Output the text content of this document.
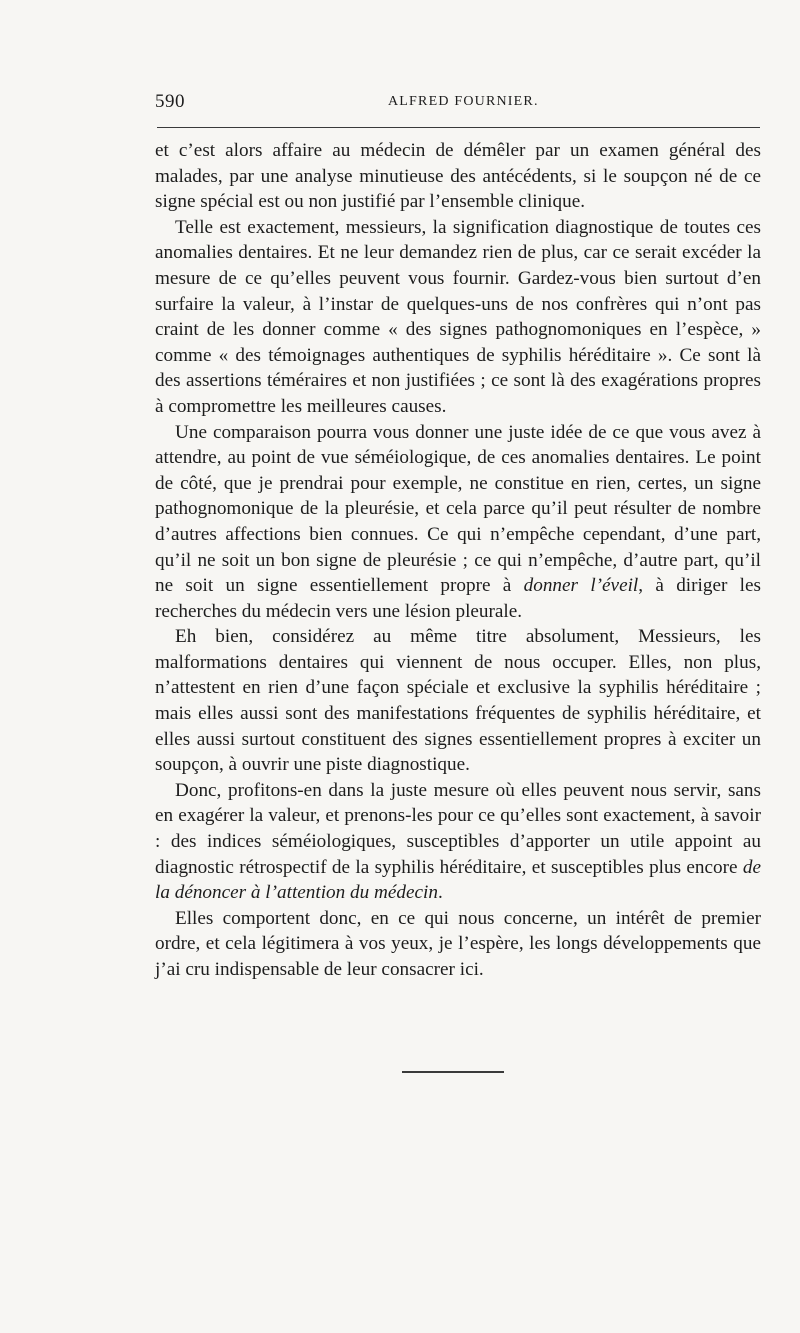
590	ALFRED FOURNIER.

et c’est alors affaire au médecin de démêler par un examen général des malades, par une analyse minutieuse des antécédents, si le soupçon né de ce signe spécial est ou non justifié par l’ensemble clinique.

Telle est exactement, messieurs, la signification diagnostique de toutes ces anomalies dentaires. Et ne leur demandez rien de plus, car ce serait excéder la mesure de ce qu’elles peuvent vous fournir. Gardez-vous bien surtout d’en surfaire la valeur, à l’instar de quelques-uns de nos confrères qui n’ont pas craint de les donner comme « des signes pathognomoniques en l’espèce, » comme « des témoignages authentiques de syphilis héréditaire ». Ce sont là des assertions téméraires et non justifiées ; ce sont là des exagérations propres à compromettre les meilleures causes.

Une comparaison pourra vous donner une juste idée de ce que vous avez à attendre, au point de vue séméiologique, de ces anomalies dentaires. Le point de côté, que je prendrai pour exemple, ne constitue en rien, certes, un signe pathognomonique de la pleurésie, et cela parce qu’il peut résulter de nombre d’autres affections bien connues. Ce qui n’empêche cependant, d’une part, qu’il ne soit un bon signe de pleurésie ; ce qui n’empêche, d’autre part, qu’il ne soit un signe essentiellement propre à donner l’éveil, à diriger les recherches du médecin vers une lésion pleurale.

Eh bien, considérez au même titre absolument, Messieurs, les malformations dentaires qui viennent de nous occuper. Elles, non plus, n’attestent en rien d’une façon spéciale et exclusive la syphilis héréditaire ; mais elles aussi sont des manifestations fréquentes de syphilis héréditaire, et elles aussi surtout constituent des signes essentiellement propres à exciter un soupçon, à ouvrir une piste diagnostique.

Donc, profitons-en dans la juste mesure où elles peuvent nous servir, sans en exagérer la valeur, et prenons-les pour ce qu’elles sont exactement, à savoir : des indices séméiologiques, susceptibles d’apporter un utile appoint au diagnostic rétrospectif de la syphilis héréditaire, et susceptibles plus encore de la dénoncer à l’attention du médecin.

Elles comportent donc, en ce qui nous concerne, un intérêt de premier ordre, et cela légitimera à vos yeux, je l’espère, les longs développements que j’ai cru indispensable de leur consacrer ici.
